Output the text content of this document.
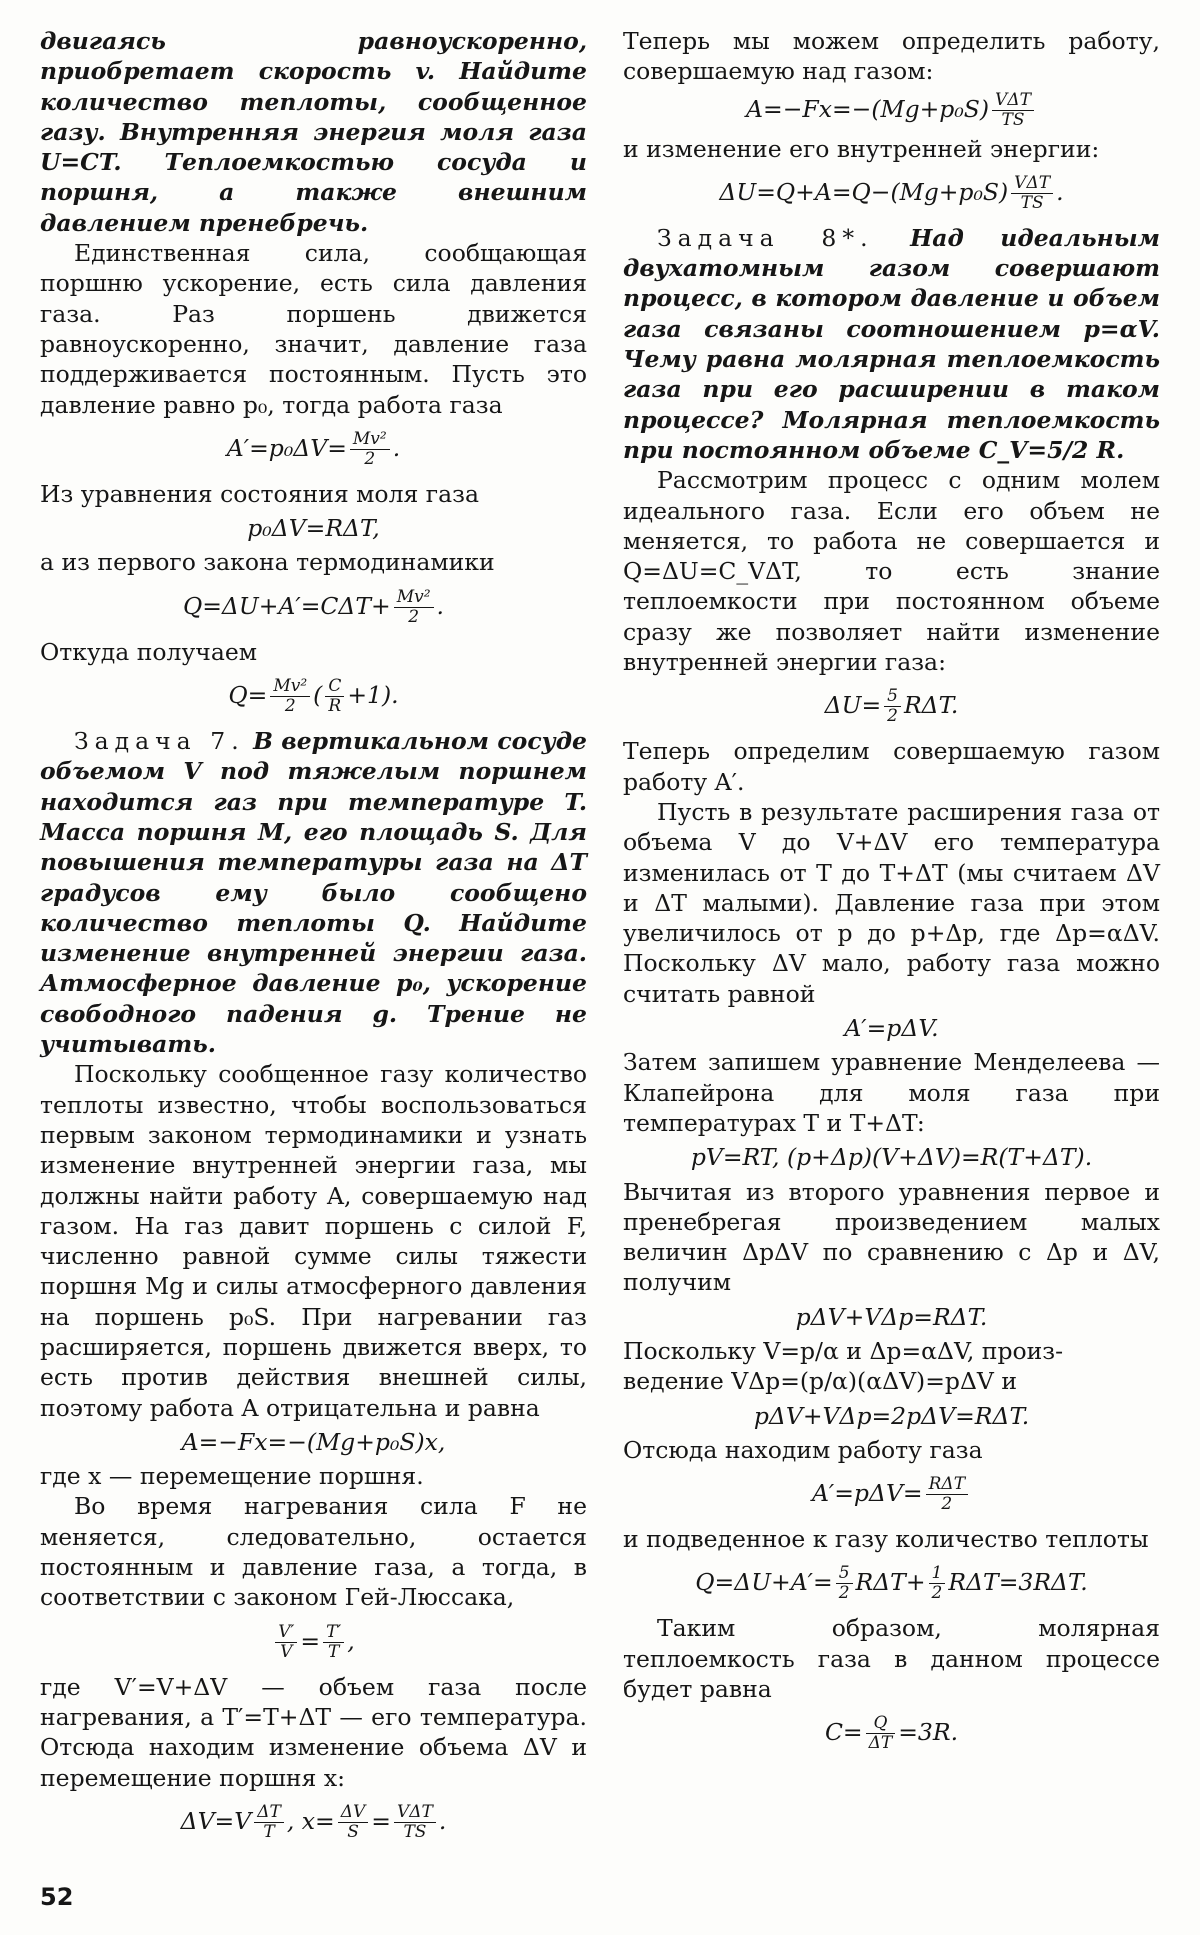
двигаясь равноускоренно, приобретает скорость v. Найдите количество теплоты, сообщенное газу. Внутренняя энергия моля газа U=CT. Теплоемкостью сосуда и поршня, а также внешним давлением пренебречь.

Единственная сила, сообщающая поршню ускорение, есть сила давления газа. Раз поршень движется равноускоренно, значит, давление газа поддерживается постоянным. Пусть это давление равно p₀, тогда работа газа

$A'=p_0\Delta V= \frac{\text{Mv²}}{2}$ .

Из уравнения состояния моля газа

p₀ΔV=RΔT,

а из первого закона термодинамики

$Q=\Delta U+A'=C\Delta T+ \frac{\text{Mv²}}{2}$ .

Откуда получаем

$Q= \frac{\text{Mv²}}{2}$ ( $\frac{C}{R} +1$).

Задача 7. В вертикальном сосуде объемом V под тяжелым поршнем находится газ при температуре T. Масса поршня M, его площадь S. Для повышения температуры газа на ΔT градусов ему было сообщено количество теплоты Q. Найдите изменение внутренней энергии газа. Атмосферное давление p₀, ускорение свободного падения g. Трение не учитывать.

Поскольку сообщенное газу количество теплоты известно, чтобы воспользоваться первым законом термодинамики и узнать изменение внутренней энергии газа, мы должны найти работу A, совершаемую над газом. На газ давит поршень с силой F, численно равной сумме силы тяжести поршня Mg и силы атмосферного давления на поршень p₀S. При нагревании газ расширяется, поршень движется вверх, то есть против действия внешней силы, поэтому работа A отрицательна и равна

A=−Fx=−(Mg+p₀S)x,

где x — перемещение поршня.

Во время нагревания сила F не меняется, следовательно, остается постоянным и давление газа, а тогда, в соответствии с законом Гей-Люссака,

$\frac{V'}{V} = \frac{T'}{T}$ ,

где V′=V+ΔV — объем газа после нагревания, а T′=T+ΔT — его температура. Отсюда находим изменение объема ΔV и перемещение поршня x:

$\Delta V=V \frac{\Delta T}{T}$ , $x= \frac{\Delta V}{S} = V\Delta T$
TS .

Теперь мы можем определить работу, совершаемую над газом:

A=−Fx=−(Mg+p₀S) VΔT
TS

и изменение его внутренней энергии:

ΔU=Q+A=Q−(Mg+p₀S) VΔT
TS .

Задача 8*. Над идеальным двухатомным газом совершают процесс, в котором давление и объем газа связаны соотношением p=αV. Чему равна молярная теплоемкость газа при его расширении в таком процессе? Молярная теплоемкость при постоянном объеме C_V=5/2 R.

Рассмотрим процесс с одним молем идеального газа. Если его объем не меняется, то работа не совершается и Q=ΔU=C_VΔT, то есть знание теплоемкости при постоянном объеме сразу же позволяет найти изменение внутренней энергии газа:

$\Delta U= \frac{5}{2} R\Delta T$.

Теперь определим совершаемую газом работу A′.

Пусть в результате расширения газа от объема V до V+ΔV его температура изменилась от T до T+ΔT (мы считаем ΔV и ΔT малыми). Давление газа при этом увеличилось от p до p+Δp, где Δp=αΔV. Поскольку ΔV мало, работу газа можно считать равной

A′=pΔV.

Затем запишем уравнение Менделеева — Клапейрона для моля газа при температурах T и T+ΔT:

pV=RT, (p+Δp)(V+ΔV)=R(T+ΔT).

Вычитая из второго уравнения первое и пренебрегая произведением малых величин ΔpΔV по сравнению с Δp и ΔV, получим

pΔV+VΔp=RΔT.

Поскольку V=p/α и Δp=αΔV, произ-
ведение VΔp=(p/α)(αΔV)=pΔV и

pΔV+VΔp=2pΔV=RΔT.

Отсюда находим работу газа

A′=pΔV= RΔT
2

и подведенное к газу количество теплоты

$Q=\Delta U+A'= \frac{5}{2} R\Delta T+ \frac{1}{2} R\Delta T=3R\Delta T$.

Таким образом, молярная теплоемкость газа в данном процессе будет равна

$C= \frac{Q}{\Delta T} =3R$.
52
